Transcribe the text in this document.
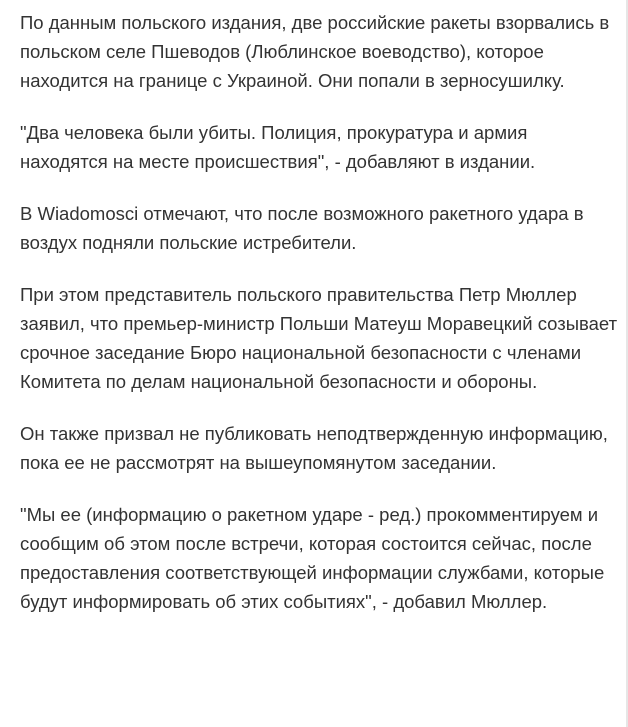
По данным польского издания, две российские ракеты взорвались в польском селе Пшеводов (Люблинское воеводство), которое находится на границе с Украиной. Они попали в зерносушилку.

"Два человека были убиты. Полиция, прокуратура и армия находятся на месте происшествия", - добавляют в издании.

В Wiadomosci отмечают, что после возможного ракетного удара в воздух подняли польские истребители.

При этом представитель польского правительства Петр Мюллер заявил, что премьер-министр Польши Матеуш Моравецкий созывает срочное заседание Бюро национальной безопасности с членами Комитета по делам национальной безопасности и обороны.

Он также призвал не публиковать неподтвержденную информацию, пока ее не рассмотрят на вышеупомянутом заседании.

"Мы ее (информацию о ракетном ударе - ред.) прокомментируем и сообщим об этом после встречи, которая состоится сейчас, после предоставления соответствующей информации службами, которые будут информировать об этих событиях", - добавил Мюллер.
